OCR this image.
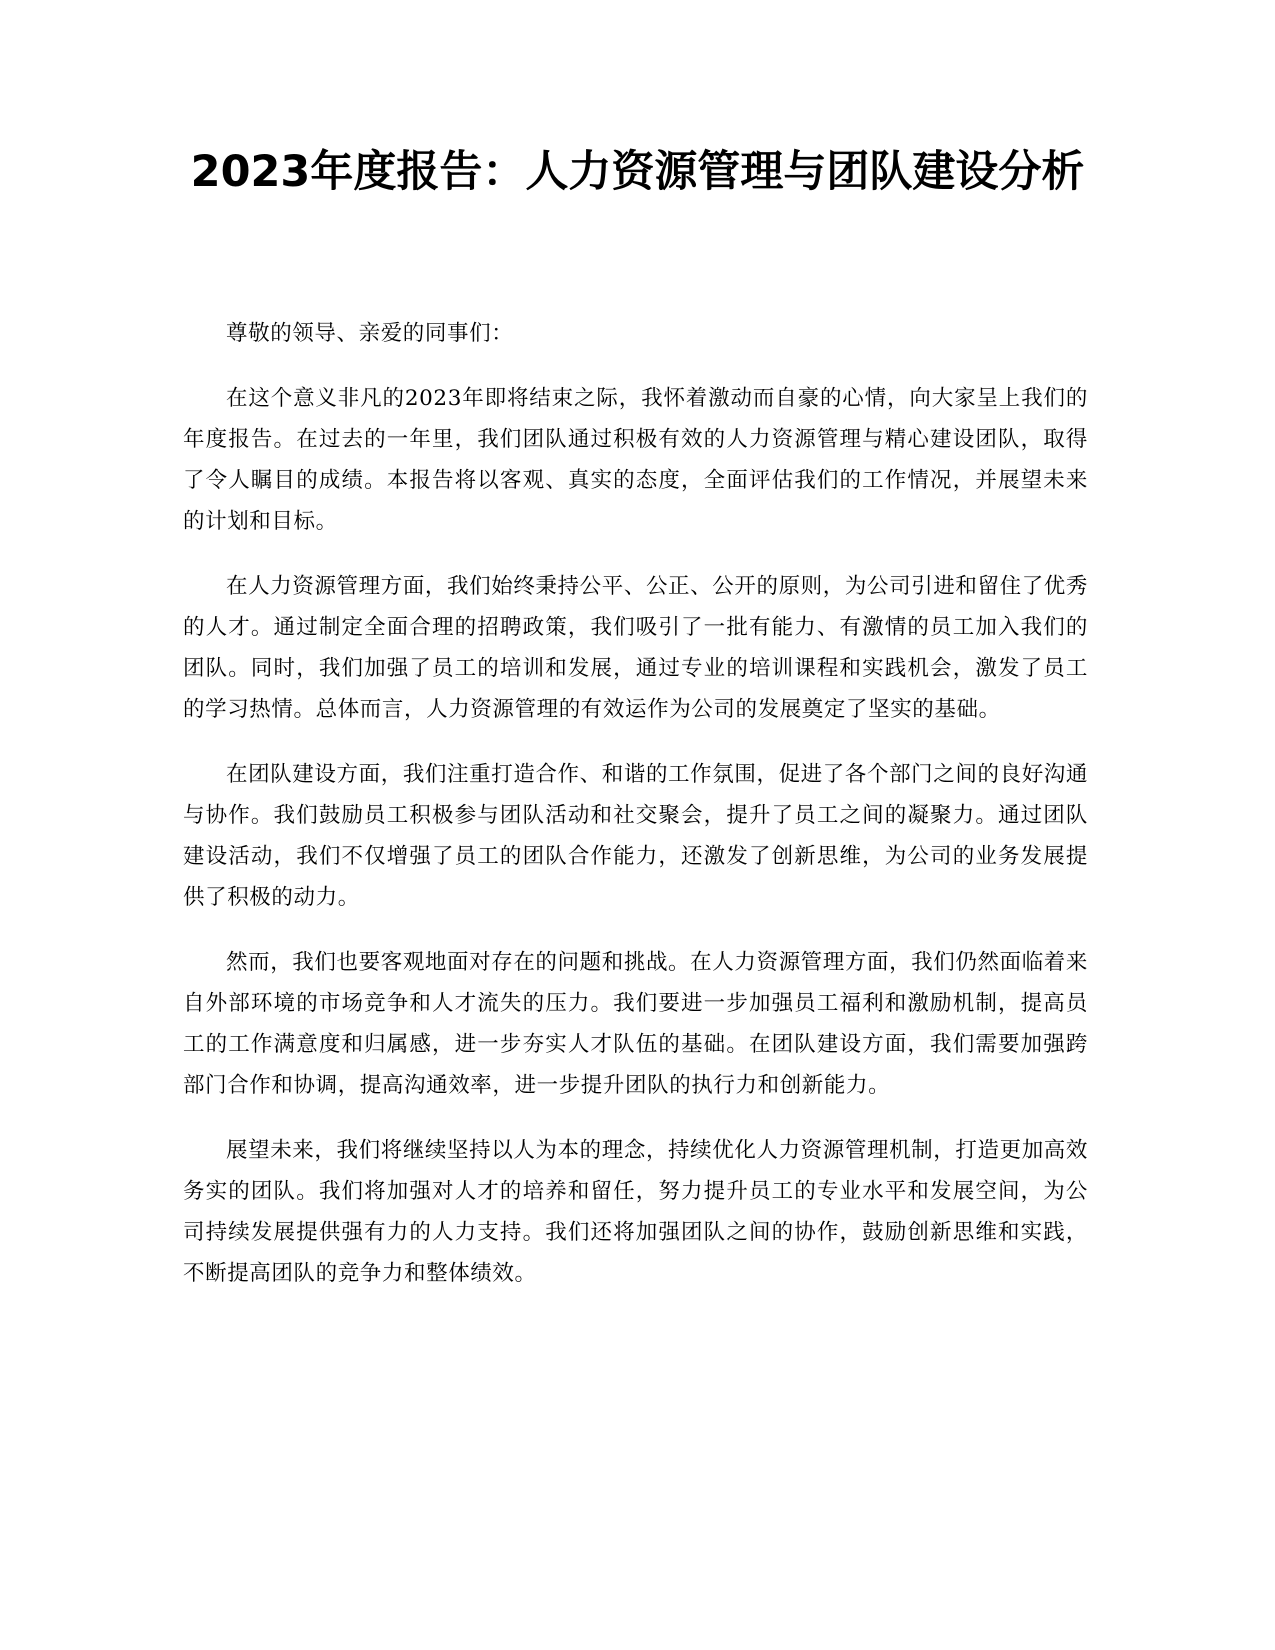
2023年度报告：人力资源管理与团队建设分析

尊敬的领导、亲爱的同事们：

在这个意义非凡的2023年即将结束之际，我怀着激动而自豪的心情，向大家呈上我们的年度报告。在过去的一年里，我们团队通过积极有效的人力资源管理与精心建设团队，取得了令人瞩目的成绩。本报告将以客观、真实的态度，全面评估我们的工作情况，并展望未来的计划和目标。

在人力资源管理方面，我们始终秉持公平、公正、公开的原则，为公司引进和留住了优秀的人才。通过制定全面合理的招聘政策，我们吸引了一批有能力、有激情的员工加入我们的团队。同时，我们加强了员工的培训和发展，通过专业的培训课程和实践机会，激发了员工的学习热情。总体而言，人力资源管理的有效运作为公司的发展奠定了坚实的基础。

在团队建设方面，我们注重打造合作、和谐的工作氛围，促进了各个部门之间的良好沟通与协作。我们鼓励员工积极参与团队活动和社交聚会，提升了员工之间的凝聚力。通过团队建设活动，我们不仅增强了员工的团队合作能力，还激发了创新思维，为公司的业务发展提供了积极的动力。

然而，我们也要客观地面对存在的问题和挑战。在人力资源管理方面，我们仍然面临着来自外部环境的市场竞争和人才流失的压力。我们要进一步加强员工福利和激励机制，提高员工的工作满意度和归属感，进一步夯实人才队伍的基础。在团队建设方面，我们需要加强跨部门合作和协调，提高沟通效率，进一步提升团队的执行力和创新能力。

展望未来，我们将继续坚持以人为本的理念，持续优化人力资源管理机制，打造更加高效务实的团队。我们将加强对人才的培养和留任，努力提升员工的专业水平和发展空间，为公司持续发展提供强有力的人力支持。我们还将加强团队之间的协作，鼓励创新思维和实践，不断提高团队的竞争力和整体绩效。
